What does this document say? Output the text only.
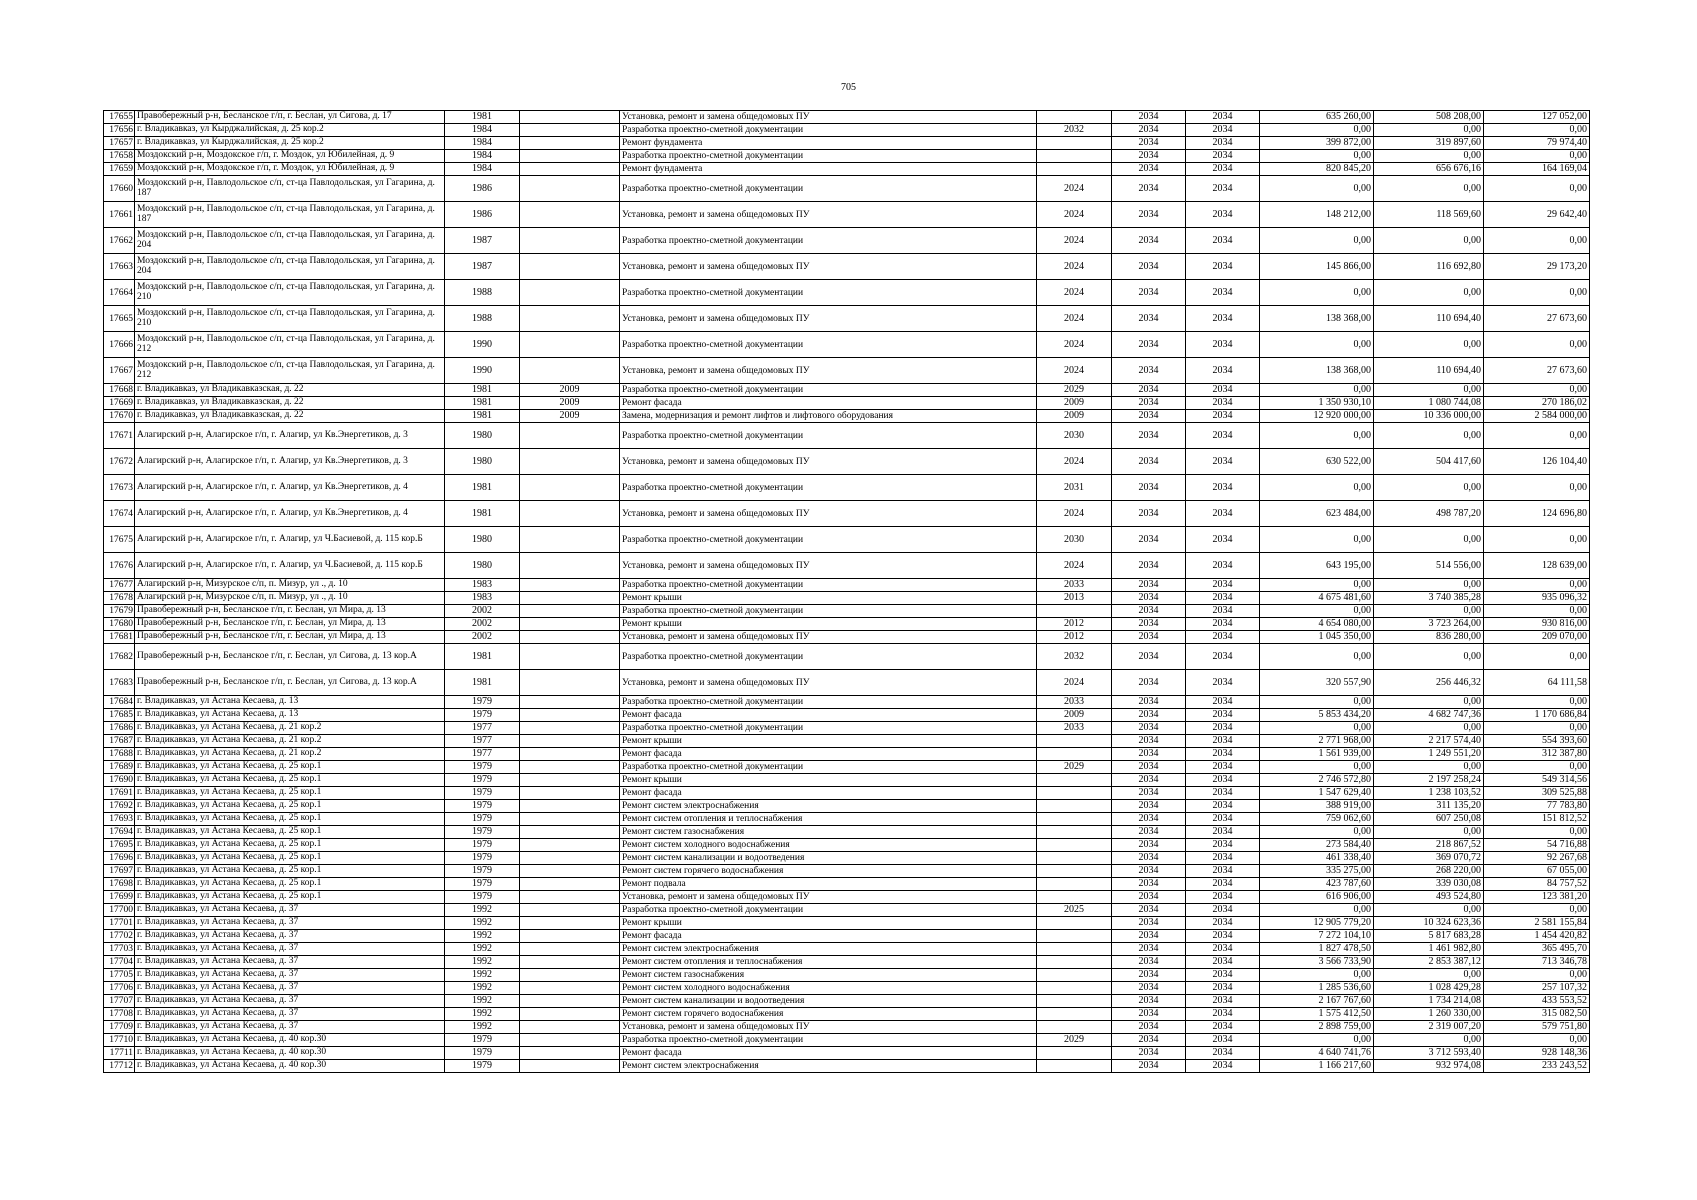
705
17655	Правобережный р-н, Бесланское г/п, г. Беслан, ул Сигова, д. 17	1981		Установка, ремонт и замена общедомовых ПУ		2034	2034	635 260,00	508 208,00	127 052,00
17656	г. Владикавказ, ул Кырджалийская, д. 25 кор.2	1984		Разработка проектно-сметной документации	2032	2034	2034	0,00	0,00	0,00
17657	г. Владикавказ, ул Кырджалийская, д. 25 кор.2	1984		Ремонт фундамента		2034	2034	399 872,00	319 897,60	79 974,40
17658	Моздокский р-н, Моздокское г/п, г. Моздок, ул Юбилейная, д. 9	1984		Разработка проектно-сметной документации		2034	2034	0,00	0,00	0,00
17659	Моздокский р-н, Моздокское г/п, г. Моздок, ул Юбилейная, д. 9	1984		Ремонт фундамента		2034	2034	820 845,20	656 676,16	164 169,04
17660	Моздокский р-н, Павлодольское с/п, ст-ца Павлодольская, ул Гагарина, д. 187	1986		Разработка проектно-сметной документации	2024	2034	2034	0,00	0,00	0,00
17661	Моздокский р-н, Павлодольское с/п, ст-ца Павлодольская, ул Гагарина, д. 187	1986		Установка, ремонт и замена общедомовых ПУ	2024	2034	2034	148 212,00	118 569,60	29 642,40
17662	Моздокский р-н, Павлодольское с/п, ст-ца Павлодольская, ул Гагарина, д. 204	1987		Разработка проектно-сметной документации	2024	2034	2034	0,00	0,00	0,00
17663	Моздокский р-н, Павлодольское с/п, ст-ца Павлодольская, ул Гагарина, д. 204	1987		Установка, ремонт и замена общедомовых ПУ	2024	2034	2034	145 866,00	116 692,80	29 173,20
17664	Моздокский р-н, Павлодольское с/п, ст-ца Павлодольская, ул Гагарина, д. 210	1988		Разработка проектно-сметной документации	2024	2034	2034	0,00	0,00	0,00
17665	Моздокский р-н, Павлодольское с/п, ст-ца Павлодольская, ул Гагарина, д. 210	1988		Установка, ремонт и замена общедомовых ПУ	2024	2034	2034	138 368,00	110 694,40	27 673,60
17666	Моздокский р-н, Павлодольское с/п, ст-ца Павлодольская, ул Гагарина, д. 212	1990		Разработка проектно-сметной документации	2024	2034	2034	0,00	0,00	0,00
17667	Моздокский р-н, Павлодольское с/п, ст-ца Павлодольская, ул Гагарина, д. 212	1990		Установка, ремонт и замена общедомовых ПУ	2024	2034	2034	138 368,00	110 694,40	27 673,60
17668	г. Владикавказ, ул Владикавказская, д. 22	1981	2009	Разработка проектно-сметной документации	2029	2034	2034	0,00	0,00	0,00
17669	г. Владикавказ, ул Владикавказская, д. 22	1981	2009	Ремонт фасада	2009	2034	2034	1 350 930,10	1 080 744,08	270 186,02
17670	г. Владикавказ, ул Владикавказская, д. 22	1981	2009	Замена, модернизация и ремонт лифтов и лифтового оборудования	2009	2034	2034	12 920 000,00	10 336 000,00	2 584 000,00
17671	Алагирский р-н, Алагирское г/п, г. Алагир, ул Кв.Энергетиков, д. 3	1980		Разработка проектно-сметной документации	2030	2034	2034	0,00	0,00	0,00
17672	Алагирский р-н, Алагирское г/п, г. Алагир, ул Кв.Энергетиков, д. 3	1980		Установка, ремонт и замена общедомовых ПУ	2024	2034	2034	630 522,00	504 417,60	126 104,40
17673	Алагирский р-н, Алагирское г/п, г. Алагир, ул Кв.Энергетиков, д. 4	1981		Разработка проектно-сметной документации	2031	2034	2034	0,00	0,00	0,00
17674	Алагирский р-н, Алагирское г/п, г. Алагир, ул Кв.Энергетиков, д. 4	1981		Установка, ремонт и замена общедомовых ПУ	2024	2034	2034	623 484,00	498 787,20	124 696,80
17675	Алагирский р-н, Алагирское г/п, г. Алагир, ул Ч.Басиевой, д. 115 кор.Б	1980		Разработка проектно-сметной документации	2030	2034	2034	0,00	0,00	0,00
17676	Алагирский р-н, Алагирское г/п, г. Алагир, ул Ч.Басиевой, д. 115 кор.Б	1980		Установка, ремонт и замена общедомовых ПУ	2024	2034	2034	643 195,00	514 556,00	128 639,00
17677	Алагирский р-н, Мизурское с/п, п. Мизур, ул ., д. 10	1983		Разработка проектно-сметной документации	2033	2034	2034	0,00	0,00	0,00
17678	Алагирский р-н, Мизурское с/п, п. Мизур, ул ., д. 10	1983		Ремонт крыши	2013	2034	2034	4 675 481,60	3 740 385,28	935 096,32
17679	Правобережный р-н, Бесланское г/п, г. Беслан, ул Мира, д. 13	2002		Разработка проектно-сметной документации		2034	2034	0,00	0,00	0,00
17680	Правобережный р-н, Бесланское г/п, г. Беслан, ул Мира, д. 13	2002		Ремонт крыши	2012	2034	2034	4 654 080,00	3 723 264,00	930 816,00
17681	Правобережный р-н, Бесланское г/п, г. Беслан, ул Мира, д. 13	2002		Установка, ремонт и замена общедомовых ПУ	2012	2034	2034	1 045 350,00	836 280,00	209 070,00
17682	Правобережный р-н, Бесланское г/п, г. Беслан, ул Сигова, д. 13 кор.А	1981		Разработка проектно-сметной документации	2032	2034	2034	0,00	0,00	0,00
17683	Правобережный р-н, Бесланское г/п, г. Беслан, ул Сигова, д. 13 кор.А	1981		Установка, ремонт и замена общедомовых ПУ	2024	2034	2034	320 557,90	256 446,32	64 111,58
17684	г. Владикавказ, ул Астана Кесаева, д. 13	1979		Разработка проектно-сметной документации	2033	2034	2034	0,00	0,00	0,00
17685	г. Владикавказ, ул Астана Кесаева, д. 13	1979		Ремонт фасада	2009	2034	2034	5 853 434,20	4 682 747,36	1 170 686,84
17686	г. Владикавказ, ул Астана Кесаева, д. 21 кор.2	1977		Разработка проектно-сметной документации	2033	2034	2034	0,00	0,00	0,00
17687	г. Владикавказ, ул Астана Кесаева, д. 21 кор.2	1977		Ремонт крыши		2034	2034	2 771 968,00	2 217 574,40	554 393,60
17688	г. Владикавказ, ул Астана Кесаева, д. 21 кор.2	1977		Ремонт фасада		2034	2034	1 561 939,00	1 249 551,20	312 387,80
17689	г. Владикавказ, ул Астана Кесаева, д. 25 кор.1	1979		Разработка проектно-сметной документации	2029	2034	2034	0,00	0,00	0,00
17690	г. Владикавказ, ул Астана Кесаева, д. 25 кор.1	1979		Ремонт крыши		2034	2034	2 746 572,80	2 197 258,24	549 314,56
17691	г. Владикавказ, ул Астана Кесаева, д. 25 кор.1	1979		Ремонт фасада		2034	2034	1 547 629,40	1 238 103,52	309 525,88
17692	г. Владикавказ, ул Астана Кесаева, д. 25 кор.1	1979		Ремонт систем электроснабжения		2034	2034	388 919,00	311 135,20	77 783,80
17693	г. Владикавказ, ул Астана Кесаева, д. 25 кор.1	1979		Ремонт систем отопления и теплоснабжения		2034	2034	759 062,60	607 250,08	151 812,52
17694	г. Владикавказ, ул Астана Кесаева, д. 25 кор.1	1979		Ремонт систем газоснабжения		2034	2034	0,00	0,00	0,00
17695	г. Владикавказ, ул Астана Кесаева, д. 25 кор.1	1979		Ремонт систем холодного водоснабжения		2034	2034	273 584,40	218 867,52	54 716,88
17696	г. Владикавказ, ул Астана Кесаева, д. 25 кор.1	1979		Ремонт систем канализации и водоотведения		2034	2034	461 338,40	369 070,72	92 267,68
17697	г. Владикавказ, ул Астана Кесаева, д. 25 кор.1	1979		Ремонт систем горячего водоснабжения		2034	2034	335 275,00	268 220,00	67 055,00
17698	г. Владикавказ, ул Астана Кесаева, д. 25 кор.1	1979		Ремонт подвала		2034	2034	423 787,60	339 030,08	84 757,52
17699	г. Владикавказ, ул Астана Кесаева, д. 25 кор.1	1979		Установка, ремонт и замена общедомовых ПУ		2034	2034	616 906,00	493 524,80	123 381,20
17700	г. Владикавказ, ул Астана Кесаева, д. 37	1992		Разработка проектно-сметной документации	2025	2034	2034	0,00	0,00	0,00
17701	г. Владикавказ, ул Астана Кесаева, д. 37	1992		Ремонт крыши		2034	2034	12 905 779,20	10 324 623,36	2 581 155,84
17702	г. Владикавказ, ул Астана Кесаева, д. 37	1992		Ремонт фасада		2034	2034	7 272 104,10	5 817 683,28	1 454 420,82
17703	г. Владикавказ, ул Астана Кесаева, д. 37	1992		Ремонт систем электроснабжения		2034	2034	1 827 478,50	1 461 982,80	365 495,70
17704	г. Владикавказ, ул Астана Кесаева, д. 37	1992		Ремонт систем отопления и теплоснабжения		2034	2034	3 566 733,90	2 853 387,12	713 346,78
17705	г. Владикавказ, ул Астана Кесаева, д. 37	1992		Ремонт систем газоснабжения		2034	2034	0,00	0,00	0,00
17706	г. Владикавказ, ул Астана Кесаева, д. 37	1992		Ремонт систем холодного водоснабжения		2034	2034	1 285 536,60	1 028 429,28	257 107,32
17707	г. Владикавказ, ул Астана Кесаева, д. 37	1992		Ремонт систем канализации и водоотведения		2034	2034	2 167 767,60	1 734 214,08	433 553,52
17708	г. Владикавказ, ул Астана Кесаева, д. 37	1992		Ремонт систем горячего водоснабжения		2034	2034	1 575 412,50	1 260 330,00	315 082,50
17709	г. Владикавказ, ул Астана Кесаева, д. 37	1992		Установка, ремонт и замена общедомовых ПУ		2034	2034	2 898 759,00	2 319 007,20	579 751,80
17710	г. Владикавказ, ул Астана Кесаева, д. 40 кор.30	1979		Разработка проектно-сметной документации	2029	2034	2034	0,00	0,00	0,00
17711	г. Владикавказ, ул Астана Кесаева, д. 40 кор.30	1979		Ремонт фасада		2034	2034	4 640 741,76	3 712 593,40	928 148,36
17712	г. Владикавказ, ул Астана Кесаева, д. 40 кор.30	1979		Ремонт систем электроснабжения		2034	2034	1 166 217,60	932 974,08	233 243,52
